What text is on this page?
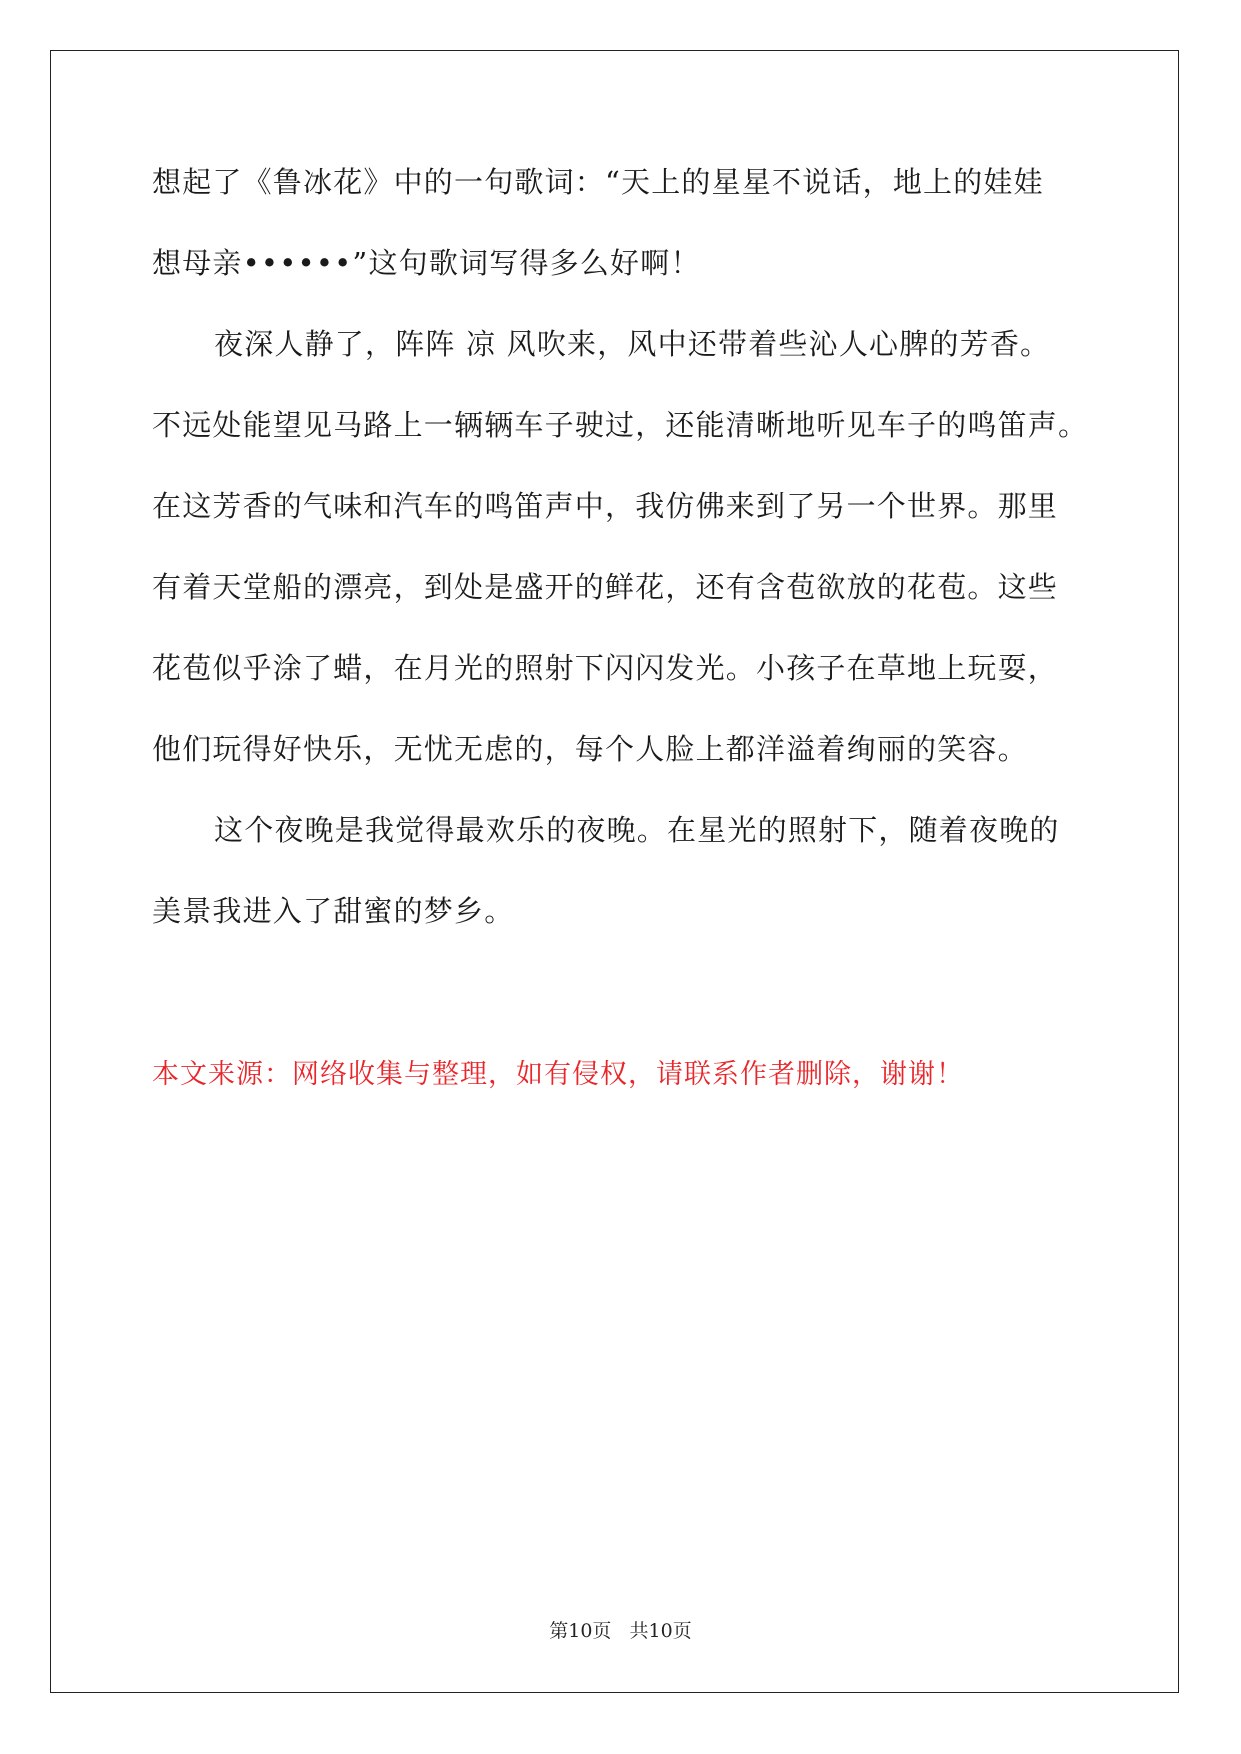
想起了《鲁冰花》中的一句歌词：“天上的星星不说话，地上的娃娃
想母亲••••••”这句歌词写得多么好啊！
夜深人静了，阵阵 凉 风吹来，风中还带着些沁人心脾的芳香。
不远处能望见马路上一辆辆车子驶过，还能清晰地听见车子的鸣笛声。
在这芳香的气味和汽车的鸣笛声中，我仿佛来到了另一个世界。那里
有着天堂船的漂亮，到处是盛开的鲜花，还有含苞欲放的花苞。这些
花苞似乎涂了蜡，在月光的照射下闪闪发光。小孩子在草地上玩耍，
他们玩得好快乐，无忧无虑的，每个人脸上都洋溢着绚丽的笑容。
这个夜晚是我觉得最欢乐的夜晚。在星光的照射下，随着夜晚的
美景我进入了甜蜜的梦乡。
本文来源：网络收集与整理，如有侵权，请联系作者删除，谢谢！
第10页   共10页
